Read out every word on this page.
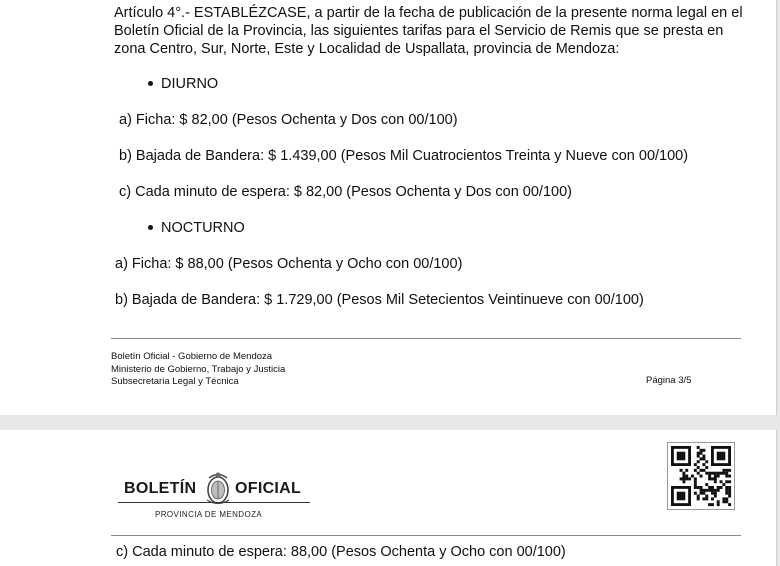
Artículo 4°.- ESTABLÉZCASE, a partir de la fecha de publicación de la presente norma legal en el Boletín Oficial de la Provincia, las siguientes tarifas para el Servicio de Remis que se presta en zona Centro, Sur, Norte, Este y Localidad de Uspallata, provincia de Mendoza:

DIURNO

a) Ficha: $ 82,00 (Pesos Ochenta y Dos con 00/100)

b) Bajada de Bandera: $ 1.439,00 (Pesos Mil Cuatrocientos Treinta y Nueve con 00/100)

c) Cada minuto de espera: $ 82,00 (Pesos Ochenta y Dos con 00/100)

NOCTURNO

a) Ficha: $ 88,00 (Pesos Ochenta y Ocho con 00/100)

b) Bajada de Bandera: $ 1.729,00 (Pesos Mil Setecientos Veintinueve con 00/100)

Boletín Oficial - Gobierno de Mendoza
Ministerio de Gobierno, Trabajo y Justicia
Subsecretaria Legal y Técnica	Página 3/5
BOLETÍN OFICIAL
PROVINCIA DE MENDOZA

c) Cada minuto de espera: 88,00 (Pesos Ochenta y Ocho con 00/100)
